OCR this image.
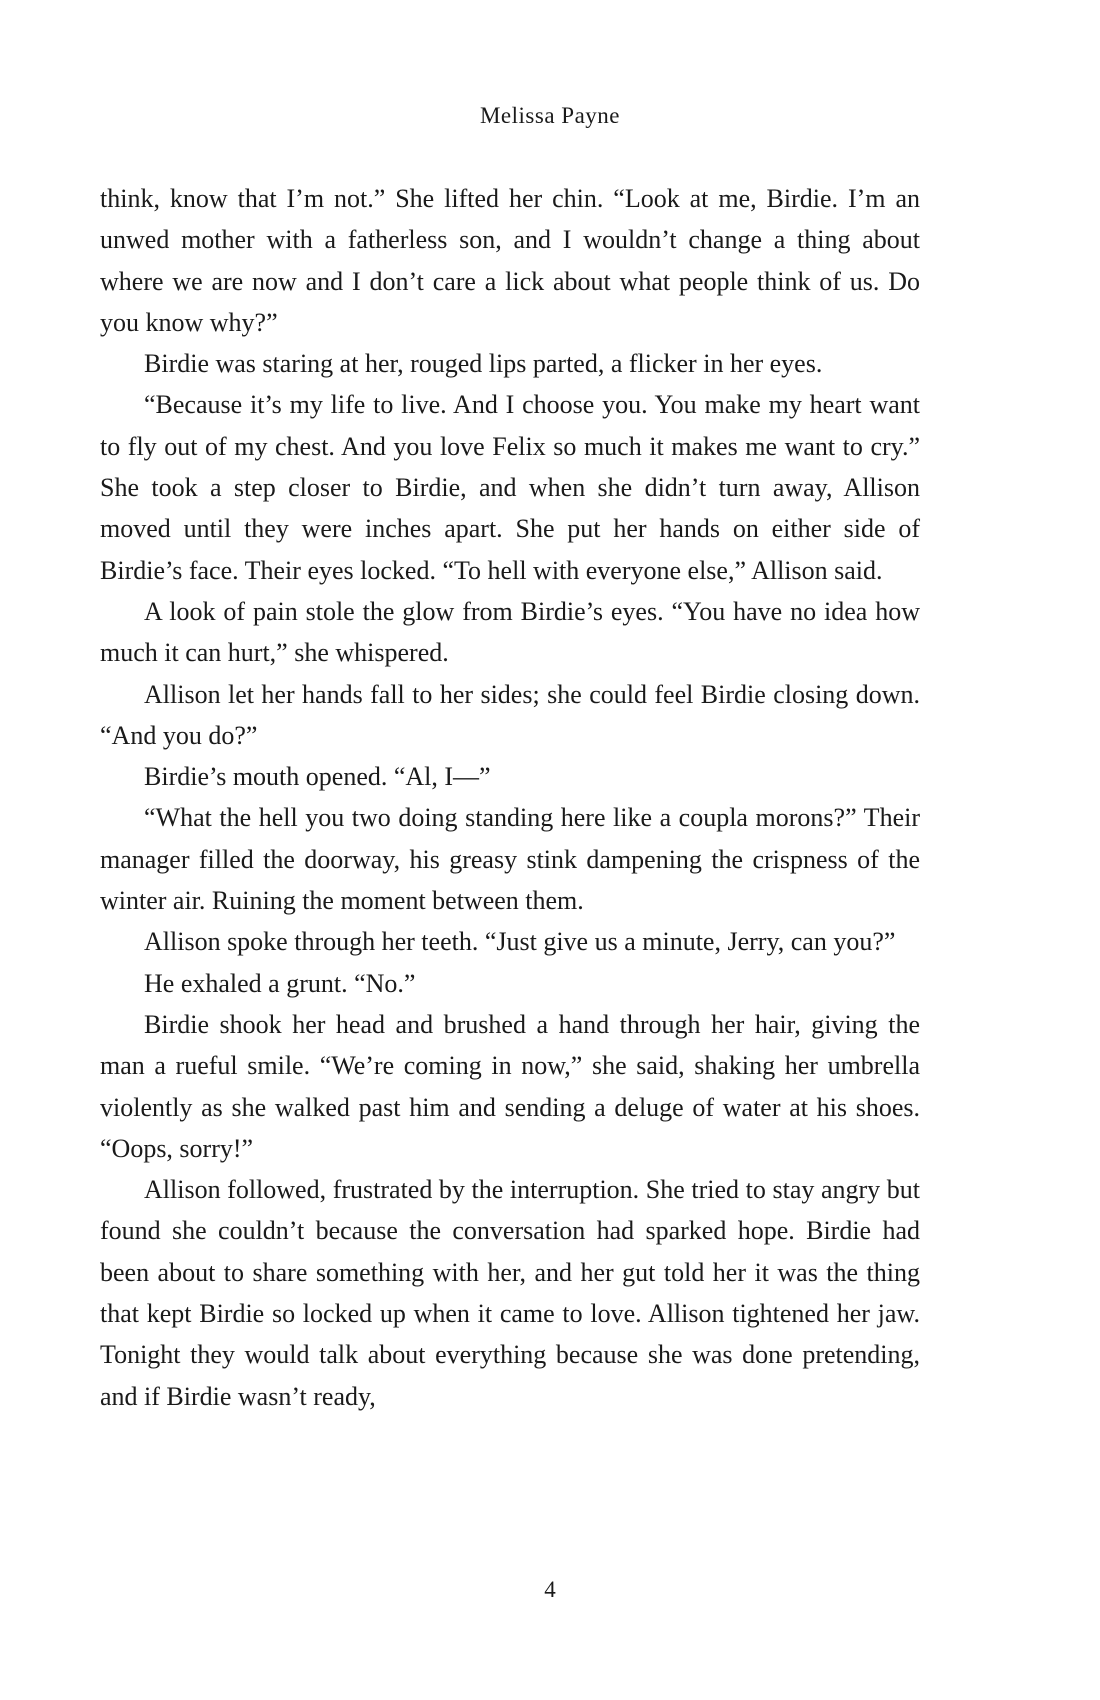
Melissa Payne

think, know that I’m not.” She lifted her chin. “Look at me, Birdie. I’m an unwed mother with a fatherless son, and I wouldn’t change a thing about where we are now and I don’t care a lick about what people think of us. Do you know why?”

Birdie was staring at her, rouged lips parted, a flicker in her eyes.

“Because it’s my life to live. And I choose you. You make my heart want to fly out of my chest. And you love Felix so much it makes me want to cry.” She took a step closer to Birdie, and when she didn’t turn away, Allison moved until they were inches apart. She put her hands on either side of Birdie’s face. Their eyes locked. “To hell with everyone else,” Allison said.

A look of pain stole the glow from Birdie’s eyes. “You have no idea how much it can hurt,” she whispered.

Allison let her hands fall to her sides; she could feel Birdie closing down. “And you do?”

Birdie’s mouth opened. “Al, I—”

“What the hell you two doing standing here like a coupla morons?” Their manager filled the doorway, his greasy stink dampening the crispness of the winter air. Ruining the moment between them.

Allison spoke through her teeth. “Just give us a minute, Jerry, can you?”

He exhaled a grunt. “No.”

Birdie shook her head and brushed a hand through her hair, giving the man a rueful smile. “We’re coming in now,” she said, shaking her umbrella violently as she walked past him and sending a deluge of water at his shoes. “Oops, sorry!”

Allison followed, frustrated by the interruption. She tried to stay angry but found she couldn’t because the conversation had sparked hope. Birdie had been about to share something with her, and her gut told her it was the thing that kept Birdie so locked up when it came to love. Allison tightened her jaw. Tonight they would talk about everything because she was done pretending, and if Birdie wasn’t ready,

4
